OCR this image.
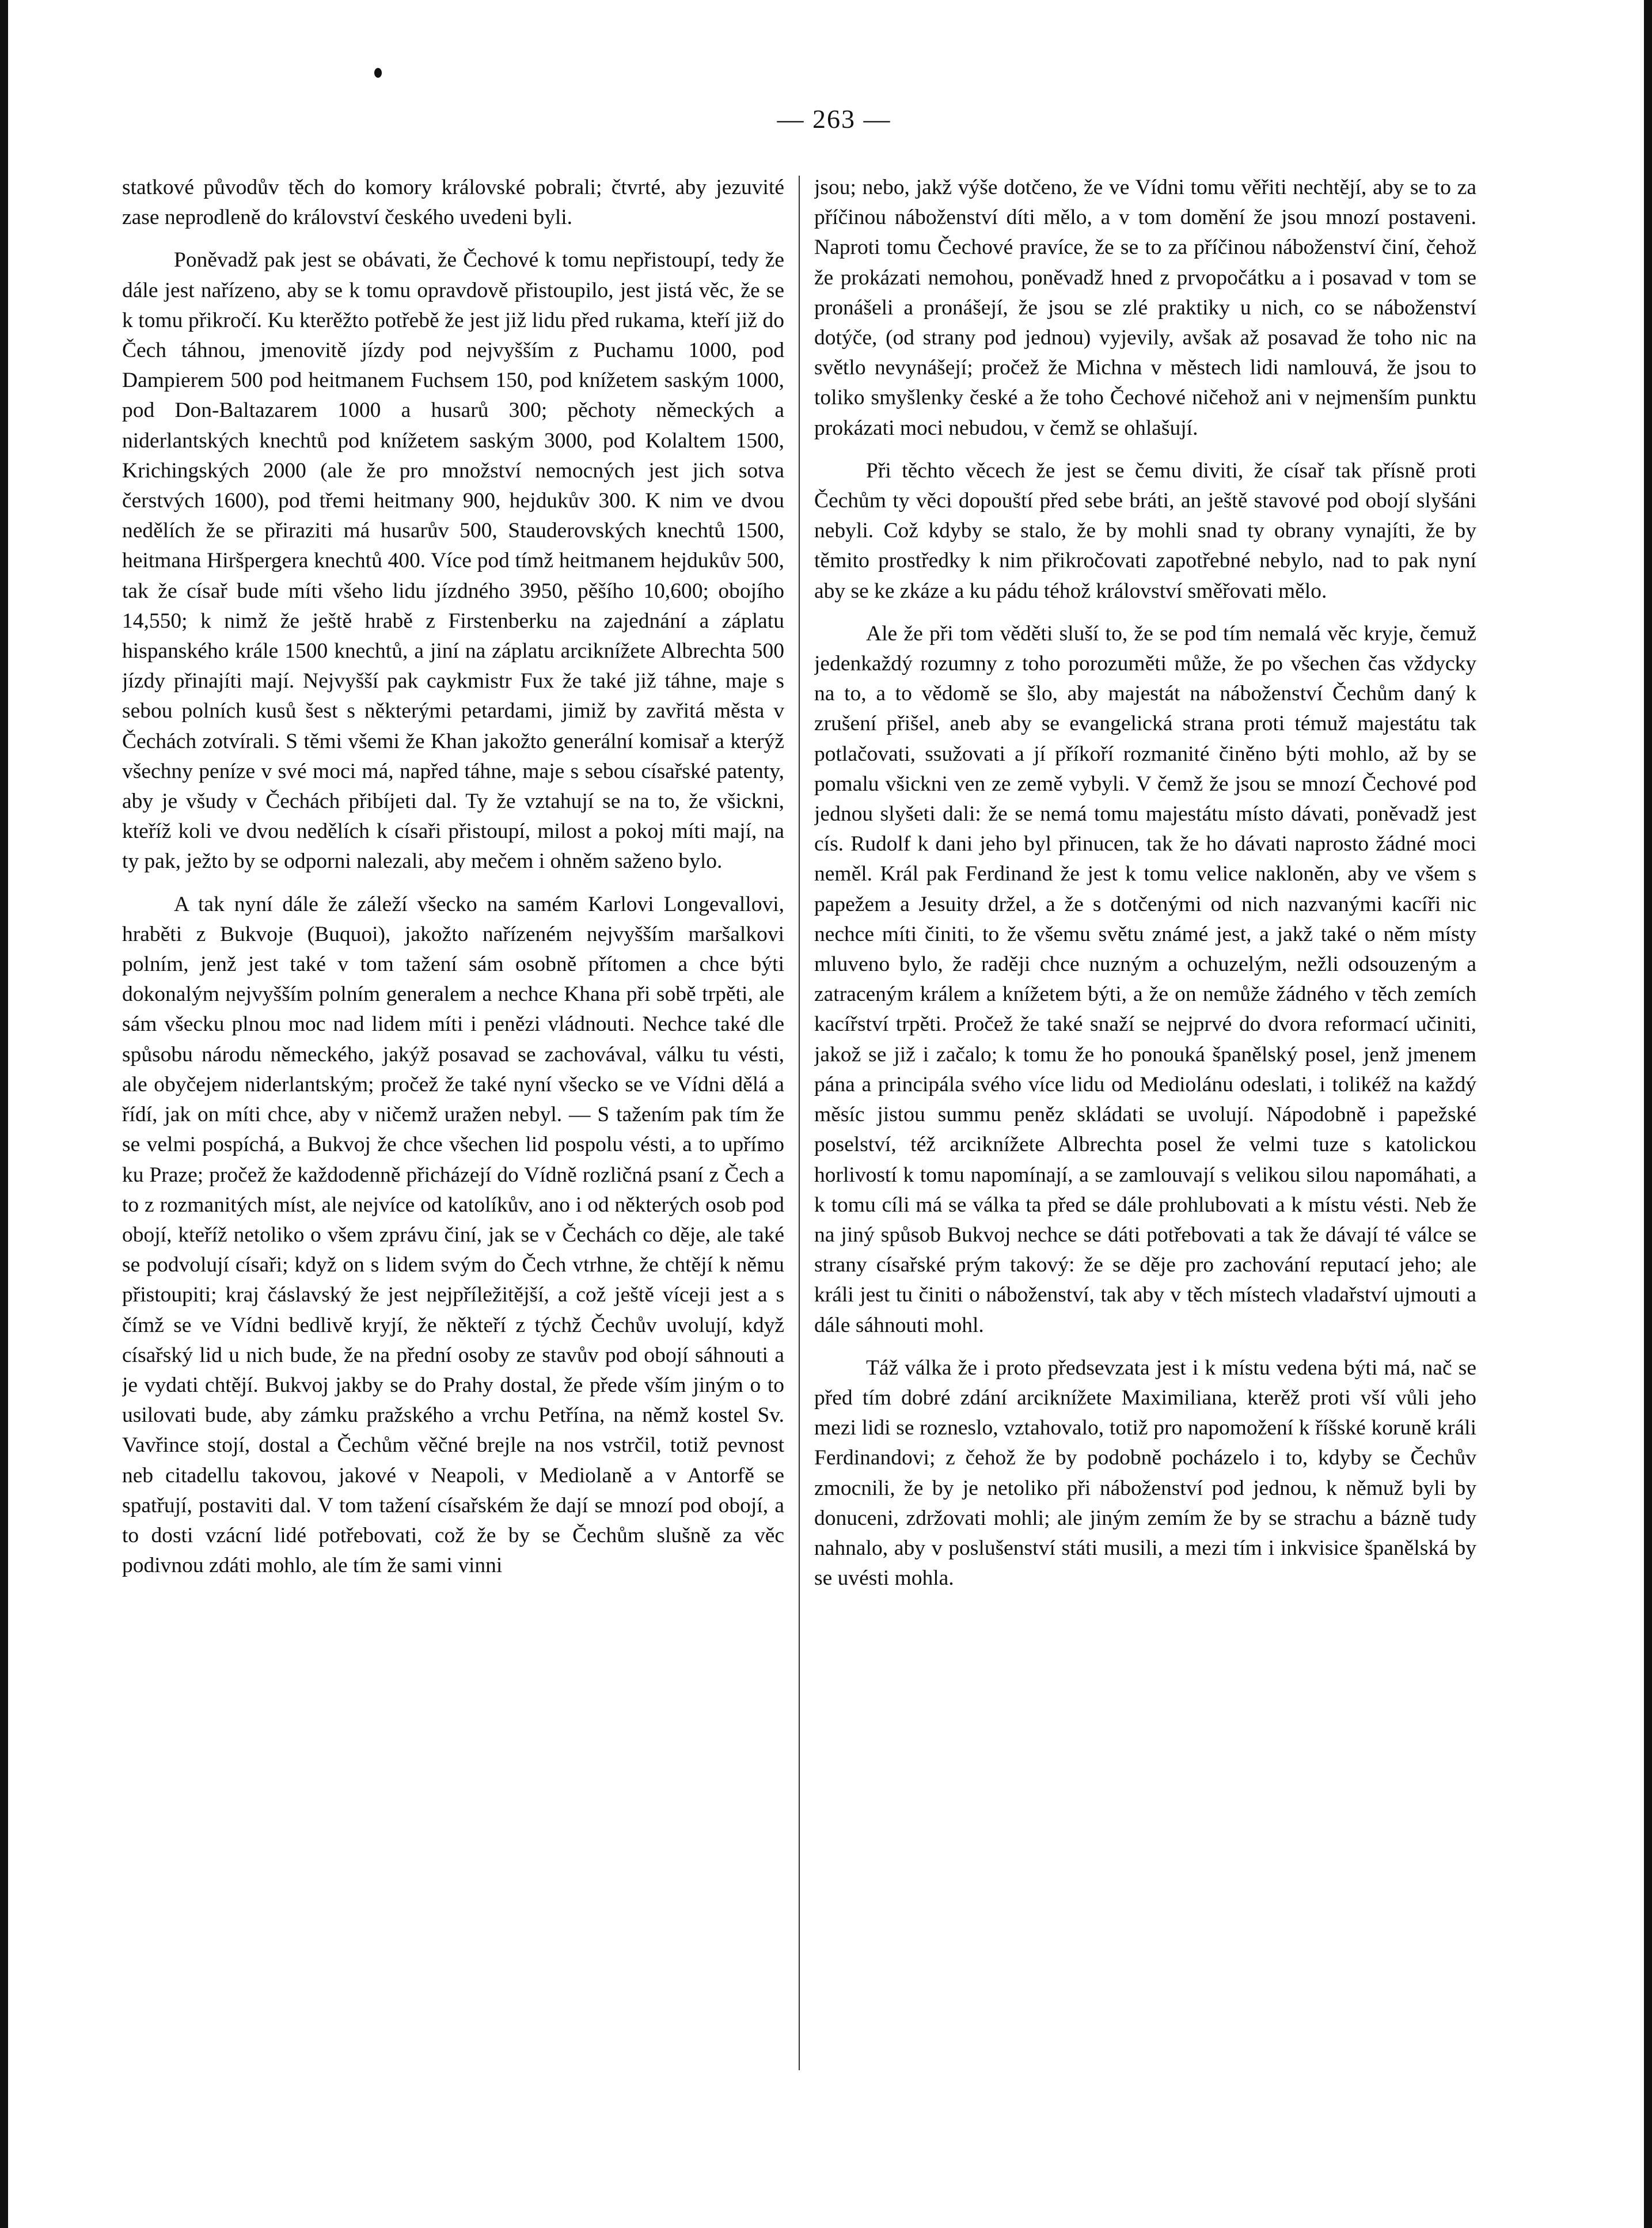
— 263 —

statkové původův těch do komory královské pobrali; čtvrté, aby jezuvité zase neprodleně do království českého uvedeni byli.

Poněvadž pak jest se obávati, že Čechové k tomu nepřistoupí, tedy že dále jest nařízeno, aby se k tomu opravdově přistoupilo, jest jistá věc, že se k tomu přikročí. Ku kterěžto potřebě že jest již lidu před rukama, kteří již do Čech táhnou, jmenovitě jízdy pod nejvyšším z Puchamu 1000, pod Dampierem 500 pod heitmanem Fuchsem 150, pod knížetem saským 1000, pod Don-Baltazarem 1000 a husarů 300; pěchoty německých a niderlantských knechtů pod knížetem saským 3000, pod Kolaltem 1500, Krichingských 2000 (ale že pro množství nemocných jest jich sotva čerstvých 1600), pod třemi heitmany 900, hejdukův 300. K nim ve dvou nedělích že se přiraziti má husarův 500, Stauderovských knechtů 1500, heitmana Hiršpergera knechtů 400. Více pod tímž heitmanem hejdukův 500, tak že císař bude míti všeho lidu jízdného 3950, pěšího 10,600; obojího 14,550; k nimž že ještě hrabě z Firstenberku na zajednání a záplatu hispanského krále 1500 knechtů, a jiní na záplatu arciknížete Albrechta 500 jízdy přinajíti mají. Nejvyšší pak caykmistr Fux že také již táhne, maje s sebou polních kusů šest s některými petardami, jimiž by zavřitá města v Čechách zotvírali. S těmi všemi že Khan jakožto generální komisař a kterýž všechny peníze v své moci má, napřed táhne, maje s sebou císařské patenty, aby je všudy v Čechách přibíjeti dal. Ty že vztahují se na to, že všickni, kteříž koli ve dvou nedělích k císaři přistoupí, milost a pokoj míti mají, na ty pak, ježto by se odporni nalezali, aby mečem i ohněm saženo bylo.

A tak nyní dále že záleží všecko na samém Karlovi Longevallovi, hraběti z Bukvoje (Buquoi), jakožto nařízeném nejvyšším maršalkovi polním, jenž jest také v tom tažení sám osobně přítomen a chce býti dokonalým nejvyšším polním generalem a nechce Khana při sobě trpěti, ale sám všecku plnou moc nad lidem míti i penězi vládnouti. Nechce také dle spůsobu národu německého, jakýž posavad se zachovával, válku tu vésti, ale obyčejem niderlantským; pročež že také nyní všecko se ve Vídni dělá a řídí, jak on míti chce, aby v ničemž uražen nebyl. — S tažením pak tím že se velmi pospíchá, a Bukvoj že chce všechen lid pospolu vésti, a to upřímo ku Praze; pročež že každodenně přicházejí do Vídně rozličná psaní z Čech a to z rozmanitých míst, ale nejvíce od katolíkův, ano i od některých osob pod obojí, kteříž netoliko o všem zprávu činí, jak se v Čechách co děje, ale také se podvolují císaři; když on s lidem svým do Čech vtrhne, že chtějí k němu přistoupiti; kraj čáslavský že jest nejpříležitější, a což ještě víceji jest a s čímž se ve Vídni bedlivě kryjí, že někteří z týchž Čechův uvolují, když císařský lid u nich bude, že na přední osoby ze stavův pod obojí sáhnouti a je vydati chtějí. Bukvoj jakby se do Prahy dostal, že přede vším jiným o to usilovati bude, aby zámku pražského a vrchu Petřína, na němž kostel Sv. Vavřince stojí, dostal a Čechům věčné brejle na nos vstrčil, totiž pevnost neb citadellu takovou, jakové v Neapoli, v Mediolaně a v Antorfě se spatřují, postaviti dal. V tom tažení císařském že dají se mnozí pod obojí, a to dosti vzácní lidé potřebovati, což že by se Čechům slušně za věc podivnou zdáti mohlo, ale tím že sami vinni

jsou; nebo, jakž výše dotčeno, že ve Vídni tomu věřiti nechtějí, aby se to za příčinou náboženství díti mělo, a v tom domění že jsou mnozí postaveni. Naproti tomu Čechové pravíce, že se to za příčinou náboženství činí, čehož že prokázati nemohou, poněvadž hned z prvopočátku a i posavad v tom se pronášeli a pronášejí, že jsou se zlé praktiky u nich, co se náboženství dotýče, (od strany pod jednou) vyjevily, avšak až posavad že toho nic na světlo nevynášejí; pročež že Michna v městech lidi namlouvá, že jsou to toliko smyšlenky české a že toho Čechové ničehož ani v nejmenším punktu prokázati moci nebudou, v čemž se ohlašují.

Při těchto věcech že jest se čemu diviti, že císař tak přísně proti Čechům ty věci dopouští před sebe bráti, an ještě stavové pod obojí slyšáni nebyli. Což kdyby se stalo, že by mohli snad ty obrany vynajíti, že by těmito prostředky k nim přikročovati zapotřebné nebylo, nad to pak nyní aby se ke zkáze a ku pádu téhož království směřovati mělo.

Ale že při tom věděti sluší to, že se pod tím nemalá věc kryje, čemuž jedenkaždý rozumny z toho porozuměti může, že po všechen čas vždycky na to, a to vědomě se šlo, aby majestát na náboženství Čechům daný k zrušení přišel, aneb aby se evangelická strana proti témuž majestátu tak potlačovati, ssužovati a jí příkoří rozmanité činěno býti mohlo, až by se pomalu všickni ven ze země vybyli. V čemž že jsou se mnozí Čechové pod jednou slyšeti dali: že se nemá tomu majestátu místo dávati, poněvadž jest cís. Rudolf k dani jeho byl přinucen, tak že ho dávati naprosto žádné moci neměl. Král pak Ferdinand že jest k tomu velice nakloněn, aby ve všem s papežem a Jesuity držel, a že s dotčenými od nich nazvanými kacíři nic nechce míti činiti, to že všemu světu známé jest, a jakž také o něm místy mluveno bylo, že raději chce nuzným a ochuzelým, nežli odsouzeným a zatraceným králem a knížetem býti, a že on nemůže žádného v těch zemích kacířství trpěti. Pročež že také snaží se nejprvé do dvora reformací učiniti, jakož se již i začalo; k tomu že ho ponouká španělský posel, jenž jmenem pána a principála svého více lidu od Mediolánu odeslati, i tolikéž na každý měsíc jistou summu peněz skládati se uvolují. Nápodobně i papežské poselství, též arciknížete Albrechta posel že velmi tuze s katolickou horlivostí k tomu napomínají, a se zamlouvají s velikou silou napomáhati, a k tomu cíli má se válka ta před se dále prohlubovati a k místu vésti. Neb že na jiný spůsob Bukvoj nechce se dáti potřebovati a tak že dávají té válce se strany císařské prým takový: že se děje pro zachování reputací jeho; ale králi jest tu činiti o náboženství, tak aby v těch místech vladařství ujmouti a dále sáhnouti mohl.

Táž válka že i proto předsevzata jest i k místu vedena býti má, nač se před tím dobré zdání arciknížete Maximiliana, kterěž proti vší vůli jeho mezi lidi se rozneslo, vztahovalo, totiž pro napomožení k říšské koruně králi Ferdinandovi; z čehož že by podobně pocházelo i to, kdyby se Čechův zmocnili, že by je netoliko při náboženství pod jednou, k němuž byli by donuceni, zdržovati mohli; ale jiným zemím že by se strachu a bázně tudy nahnalo, aby v poslušenství státi musili, a mezi tím i inkvisice španělská by se uvésti mohla.
